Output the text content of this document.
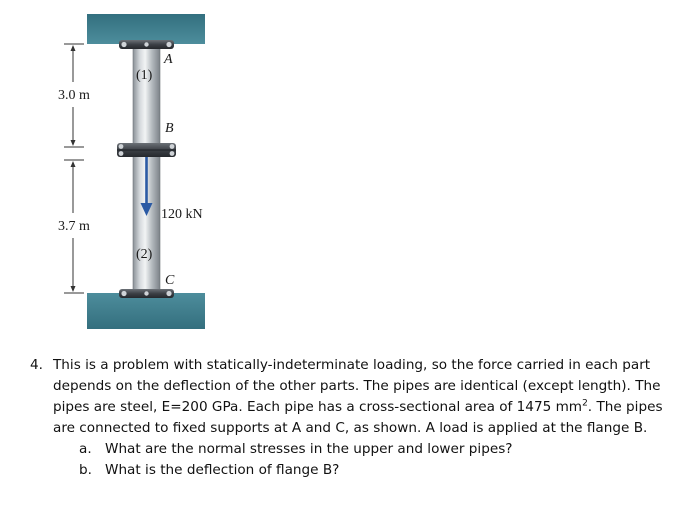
3.0 m
3.7 m
(1)
(2)
A
B
C
120 kN
4. This is a problem with statically-indeterminate loading, so the force carried in each part depends on the deflection of the other parts. The pipes are identical (except length). The pipes are steel, E=200 GPa. Each pipe has a cross-sectional area of 1475 $mm^2$. The pipes are connected to fixed supports at A and C, as shown. A load is applied at the flange B.
a. What are the normal stresses in the upper and lower pipes?
b. What is the deflection of flange B?
